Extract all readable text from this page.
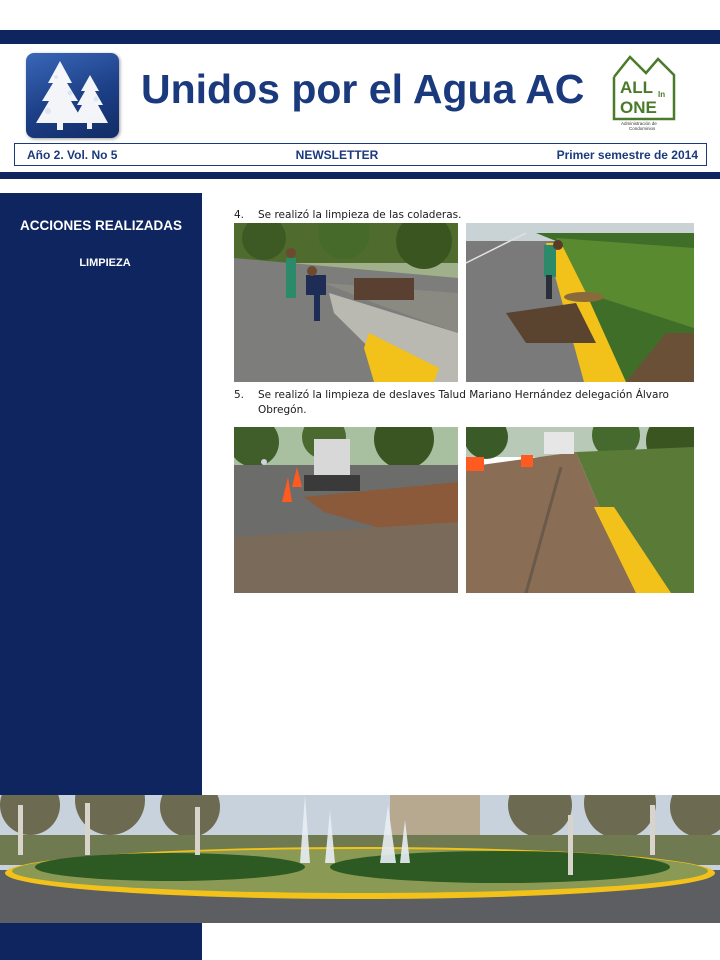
Unidos por el Agua AC ALL In
ONE
Administración de
Condominios
Año 2. Vol. No 5	NEWSLETTER	Primer semestre de 2014
ACCIONES REALIZADAS
LIMPIEZA
4.	Se realizó la limpieza de las coladeras.
5.	Se realizó la limpieza de deslaves Talud Mariano Hernández delegación Álvaro Obregón.
